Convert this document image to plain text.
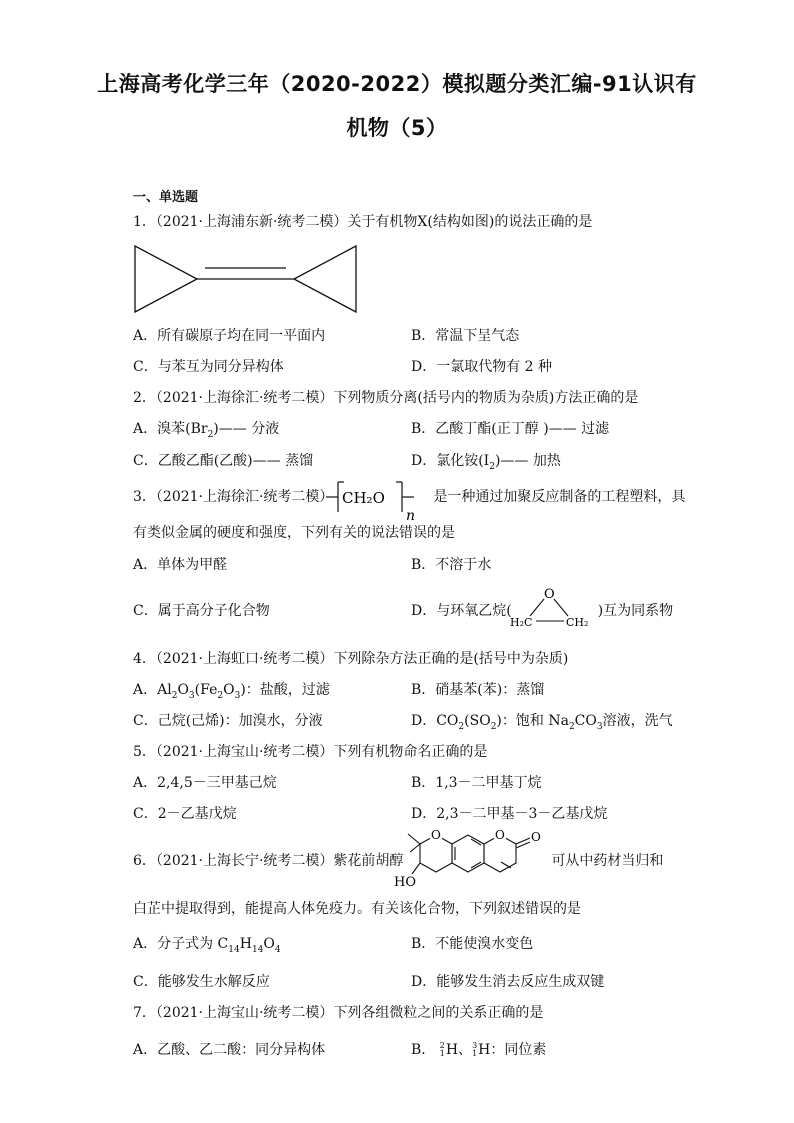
上海高考化学三年（2020-2022）模拟题分类汇编-91认识有
机物（5）
一、单选题
1．（2021·上海浦东新·统考二模）关于有机物X(结构如图)的说法正确的是
A．所有碳原子均在同一平面内	B．常温下呈气态
C．与苯互为同分异构体	D．一氯取代物有 2 种
2．（2021·上海徐汇·统考二模）下列物质分离(括号内的物质为杂质)方法正确的是
A．溴苯$(Br_2)——$ 分液	B．乙酸丁酯(正丁醇 )—— 过滤
C．乙酸乙酯(乙酸)—— 蒸馏	D．氯化铵$(I_2)——$ 加热
3．（2021·上海徐汇·统考二模）	是一种通过加聚反应制备的工程塑料，具
CH₂O
n
有类似金属的硬度和强度，下列有关的说法错误的是
A．单体为甲醛	B．不溶于水
C．属于高分子化合物	D．与环氧乙烷(	)互为同系物
O
H₂C	CH₂
4．（2021·上海虹口·统考二模）下列除杂方法正确的是(括号中为杂质)
A．$Al_2O_3(Fe_2O_3)$：盐酸，过滤	B．硝基苯(苯)：蒸馏
C．己烷(己烯)：加溴水，分液	D．$CO_2(SO_2)$：饱和 $Na_2CO_3$溶液，洗气
5．（2021·上海宝山·统考二模）下列有机物命名正确的是
A．2,4,5－三甲基己烷	B．1,3－二甲基丁烷
C．2－乙基戊烷	D．2,3－二甲基－3－乙基戊烷
6．（2021·上海长宁·统考二模）紫花前胡醇	可从中药材当归和
O	O O
HO
白芷中提取得到，能提高人体免疫力。有关该化合物，下列叙述错误的是
A．分子式为 $C_{14}H_{14}O_4$	B．不能使溴水变色
C．能够发生水解反应	D．能够发生消去反应生成双键
7．（2021·上海宝山·统考二模）下列各组微粒之间的关系正确的是
A．乙酸、乙二酸：同分异构体	B． 2
1 H、 3
1 H：同位素
